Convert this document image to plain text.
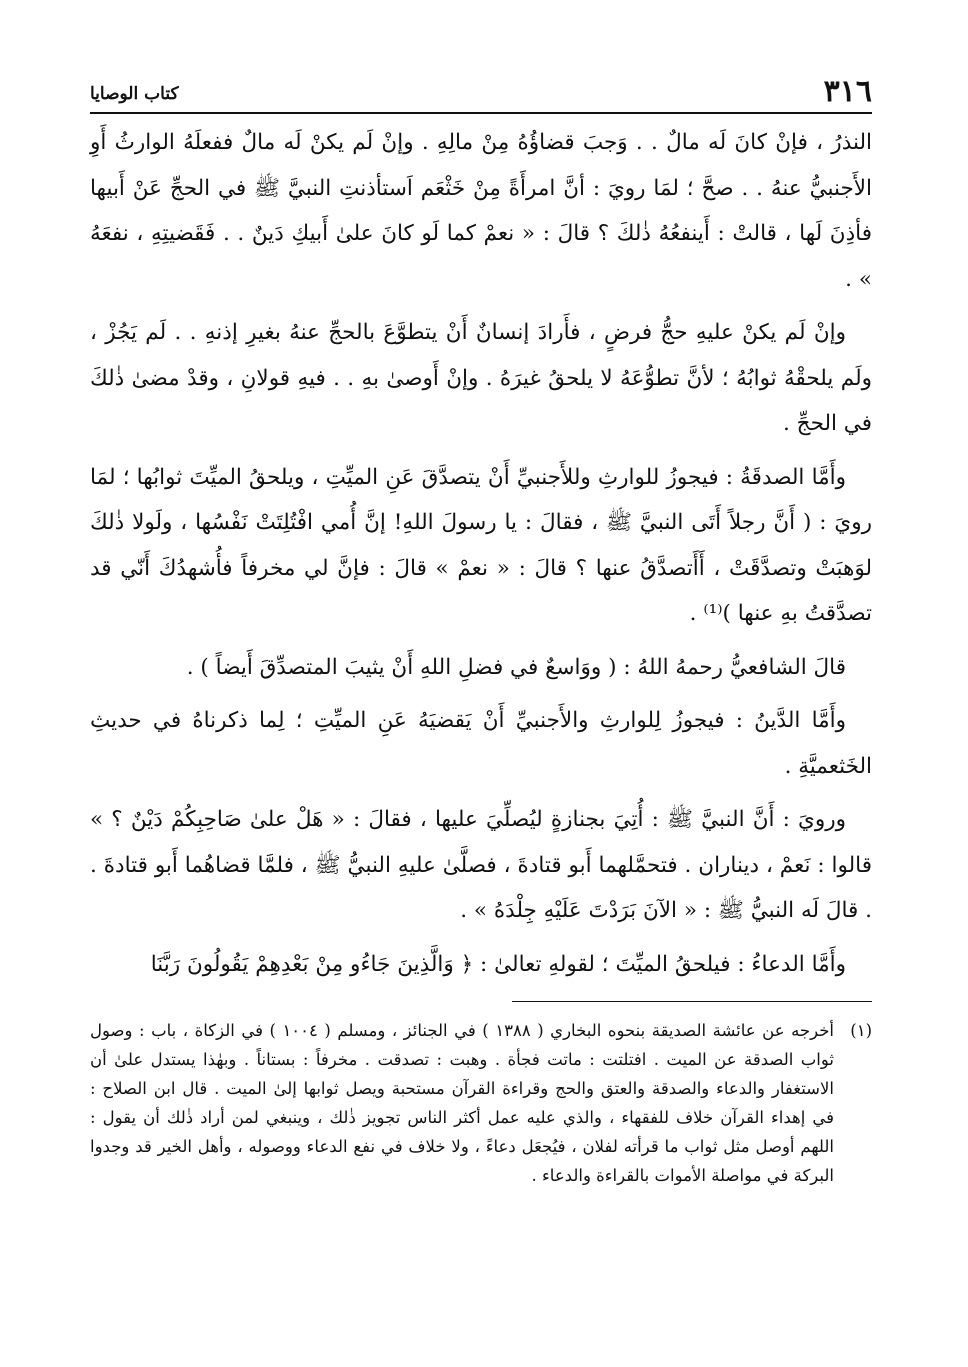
٣١٦
كتاب الوصايا

النذرُ ، فإنْ كانَ لَه مالٌ . . وَجبَ قضاؤُهُ مِنْ مالِهِ . وإنْ لَم يكنْ لَه مالٌ ففعلَهُ الوارثُ أَوِ الأَجنبيُّ عنهُ . . صحَّ ؛ لمَا رويَ : أنَّ امرأَةً مِنْ خَثْعَم اَستأذنتِ النبيَّ ﷺ في الحجِّ عَنْ أَبيها فأذِنَ لَها ، قالتْ : أَينفعُهُ ذٰلكَ ؟ قالَ : « نعمْ كما لَو كانَ علىٰ أَبيكِ دَينٌ . . فَقَضيتِهِ ، نفعَهُ » .

وإنْ لَم يكنْ عليهِ حجُّ فرضٍ ، فأَرادَ إنسانٌ أَنْ يتطوَّعَ بالحجِّ عنهُ بغيرِ إذنهِ . . لَم يَجُزْ ، ولَم يلحقْهُ ثوابُهُ ؛ لأنَّ تطوُّعَهُ لا يلحقُ غيرَهُ . وإنْ أَوصىٰ بهِ . . فيهِ قولانِ ، وقدْ مضىٰ ذٰلكَ في الحجِّ .

وأَمَّا الصدقَةُ : فيجوزُ للوارثِ وللأَجنبيِّ أَنْ يتصدَّقَ عَنِ الميِّتِ ، ويلحقُ الميِّتَ ثوابُها ؛ لمَا رويَ : ( أَنَّ رجلاً أَتَى النبيَّ ﷺ ، فقالَ : يا رسولَ اللهِ! إنَّ أُمي افْتُلِتَتْ نَفْسُها ، ولَولا ذٰلكَ لوَهبَتْ وتصدَّقَتْ ، أَأَتصدَّقُ عنها ؟ قالَ : « نعمْ » قالَ : فإنَّ لي مخرفاً فأُشهدُكَ أَنّي قد تصدَّقتُ بهِ عنها )⁽¹⁾ .

قالَ الشافعيُّ رحمهُ اللهُ : ( ووَاسعٌ في فضلِ اللهِ أَنْ يثيبَ المتصدِّقَ أَيضاً ) .

وأَمَّا الدَّينُ : فيجوزُ لِلوارثِ والأَجنبيِّ أَنْ يَقضيَهُ عَنِ الميِّتِ ؛ لِما ذكرناهُ في حديثِ الخَثعميَّةِ .

ورويَ : أَنَّ النبيَّ ﷺ : أُتِيَ بجنازةٍ ليُصلِّيَ عليها ، فقالَ : « هَلْ علىٰ صَاحِبِكُمْ دَيْنٌ ؟ » قالوا : نَعمْ ، ديناران . فتحمَّلهما أَبو قتادةَ ، فصلَّىٰ عليهِ النبيُّ ﷺ ، فلمَّا قضاهُما أَبو قتادةَ . . قالَ لَه النبيُّ ﷺ : « الآنَ بَرَدْتَ عَلَيْهِ جِلْدَهُ » .

وأَمَّا الدعاءُ : فيلحقُ الميِّتَ ؛ لقولهِ تعالىٰ : ﴿ وَالَّذِينَ جَاءُو مِنْ بَعْدِهِمْ يَقُولُونَ رَبَّنَا

(١)
أخرجه عن عائشة الصديقة بنحوه البخاري ( ١٣٨٨ ) في الجنائز ، ومسلم ( ١٠٠٤ ) في الزكاة ، باب : وصول ثواب الصدقة عن الميت . افتلتت : ماتت فجأة . وهبت : تصدقت . مخرفاً : بستاناً . وبهٰذا يستدل علىٰ أن الاستغفار والدعاء والصدقة والعتق والحج وقراءة القرآن مستحبة ويصل ثوابها إلىٰ الميت . قال ابن الصلاح : في إهداء القرآن خلاف للفقهاء ، والذي عليه عمل أكثر الناس تجويز ذٰلك ، وينبغي لمن أراد ذٰلك أن يقول : اللهم أوصل مثل ثواب ما قرأته لفلان ، فيُجعَل دعاءً ، ولا خلاف في نفع الدعاء ووصوله ، وأهل الخير قد وجدوا البركة في مواصلة الأموات بالقراءة والدعاء .
